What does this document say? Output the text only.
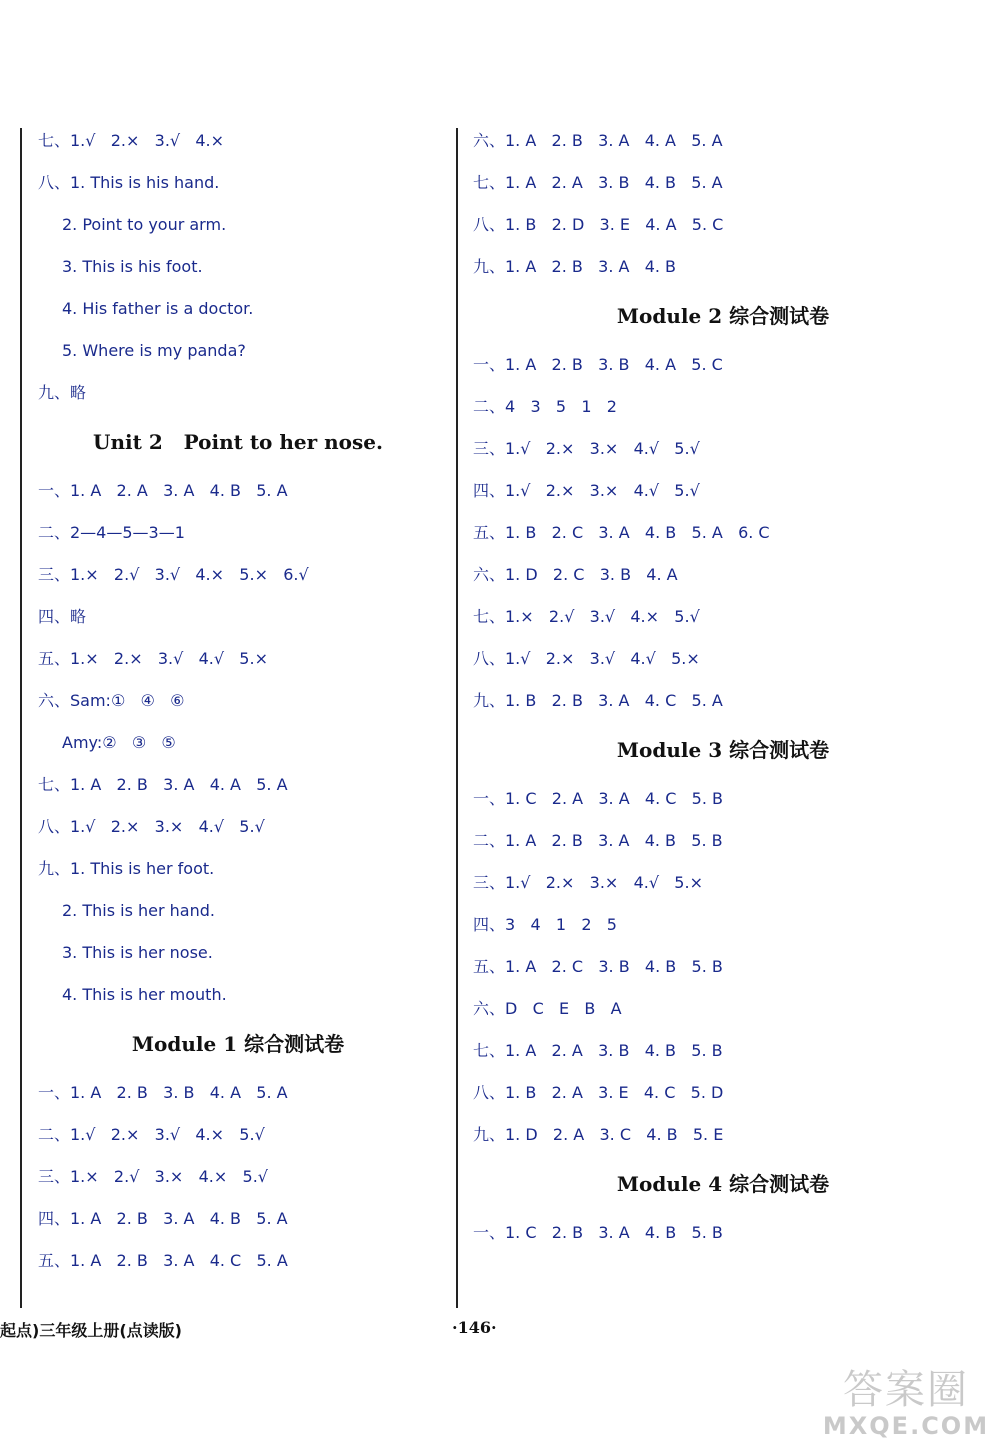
七、1.√   2.×   3.√   4.×
八、1. This is his hand.
2. Point to your arm.
3. This is his foot.
4. His father is a doctor.
5. Where is my panda?
九、略
Unit 2   Point to her nose.
一、1. A   2. A   3. A   4. B   5. A
二、2—4—5—3—1
三、1.×   2.√   3.√   4.×   5.×   6.√
四、略
五、1.×   2.×   3.√   4.√   5.×
六、Sam:①   ④   ⑥
Amy:②   ③   ⑤
七、1. A   2. B   3. A   4. A   5. A
八、1.√   2.×   3.×   4.√   5.√
九、1. This is her foot.
2. This is her hand.
3. This is her nose.
4. This is her mouth.
Module 1 综合测试卷
一、1. A   2. B   3. B   4. A   5. A
二、1.√   2.×   3.√   4.×   5.√
三、1.×   2.√   3.×   4.×   5.√
四、1. A   2. B   3. A   4. B   5. A
五、1. A   2. B   3. A   4. C   5. A
六、1. A   2. B   3. A   4. A   5. A
七、1. A   2. A   3. B   4. B   5. A
八、1. B   2. D   3. E   4. A   5. C
九、1. A   2. B   3. A   4. B
Module 2 综合测试卷
一、1. A   2. B   3. B   4. A   5. C
二、4   3   5   1   2
三、1.√   2.×   3.×   4.√   5.√
四、1.√   2.×   3.×   4.√   5.√
五、1. B   2. C   3. A   4. B   5. A   6. C
六、1. D   2. C   3. B   4. A
七、1.×   2.√   3.√   4.×   5.√
八、1.√   2.×   3.√   4.√   5.×
九、1. B   2. B   3. A   4. C   5. A
Module 3 综合测试卷
一、1. C   2. A   3. A   4. C   5. B
二、1. A   2. B   3. A   4. B   5. B
三、1.√   2.×   3.×   4.√   5.×
四、3   4   1   2   5
五、1. A   2. C   3. B   4. B   5. B
六、D   C   E   B   A
七、1. A   2. A   3. B   4. B   5. B
八、1. B   2. A   3. E   4. C   5. D
九、1. D   2. A   3. C   4. B   5. E
Module 4 综合测试卷
一、1. C   2. B   3. A   4. B   5. B
起点)三年级上册(点读版)	·146·
答案圈
MXQE.COM
